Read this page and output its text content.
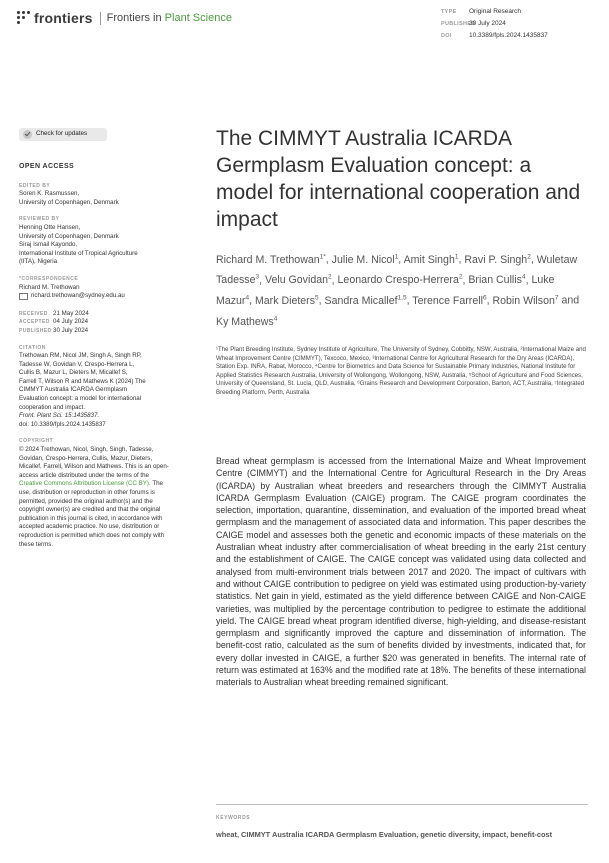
frontiers Frontiers in Plant Science	TYPE Original Research
PUBLISHED30 July 2024
DOI	10.3389/fpls.2024.1435837
Check for updates
OPEN ACCESS
EDITED BY
Soren K. Rasmussen,
University of Copenhagen, Denmark
REVIEWED BY
Henning Otte Hansen,
University of Copenhagen, Denmark
Siraj Ismail Kayondo,
International Institute of Tropical Agriculture
(IITA), Nigeria
*CORRESPONDENCE
Richard M. Trethowan
richard.trethowan@sydney.edu.au
RECEIVED 21 May 2024
ACCEPTED 04 July 2024
PUBLISHED 30 July 2024
CITATION
Trethowan RM, Nicol JM, Singh A, Singh RP,
Tadesse W, Govidan V, Crespo-Herrera L,
Cullis B, Mazur L, Dieters M, Micallef S,
Farrell T, Wilson R and Mathews K (2024) The
CIMMYT Australia ICARDA Germplasm
Evaluation concept: a model for international
cooperation and impact.
Front. Plant Sci. 15:1435837.
doi: 10.3389/fpls.2024.1435837
COPYRIGHT
© 2024 Trethowan, Nicol, Singh, Singh, Tadesse, Govidan, Crespo-Herrera, Cullis, Mazur, Dieters, Micallef, Farrell, Wilson and Mathews. This is an open-access article distributed under the terms of the Creative Commons Attribution License (CC BY). The use, distribution or reproduction in other forums is permitted, provided the original author(s) and the copyright owner(s) are credited and that the original publication in this journal is cited, in accordance with accepted academic practice. No use, distribution or reproduction is permitted which does not comply with these terms.
The CIMMYT Australia ICARDA Germplasm Evaluation concept: a model for international cooperation and impact
Richard M. Trethowan$^{1*}$, Julie M. Nicol$^1$, Amit Singh$^1$, Ravi P. Singh$^2$, Wuletaw Tadesse$^3$, Velu Govidan$^2$, Leonardo Crespo-Herrera$^2$, Brian Cullis$^4$, Luke Mazur$^4$, Mark Dieters$^5$, Sandra Micallef$^{1,5}$, Terence Farrell$^6$, Robin Wilson$^7$ and Ky Mathews$^4$
¹The Plant Breeding Institute, Sydney Institute of Agriculture, The University of Sydney, Cobbitty, NSW, Australia, ²International Maize and Wheat Improvement Centre (CIMMYT), Texcoco, Mexico, ³International Centre for Agricultural Research for the Dry Areas (ICARDA), Station Exp. INRA, Rabat, Morocco, ⁴Centre for Biometrics and Data Science for Sustainable Primary Industries, National Institute for Applied Statistics Research Australia, University of Wollongong, Wollongong, NSW, Australia, ⁵School of Agriculture and Food Sciences, University of Queensland, St. Lucia, QLD, Australia, ⁶Grains Research and Development Corporation, Barton, ACT, Australia, ⁷Integrated Breeding Platform, Perth, Australia
Bread wheat germplasm is accessed from the International Maize and Wheat Improvement Centre (CIMMYT) and the International Centre for Agricultural Research in the Dry Areas (ICARDA) by Australian wheat breeders and researchers through the CIMMYT Australia ICARDA Germplasm Evaluation (CAIGE) program. The CAIGE program coordinates the selection, importation, quarantine, dissemination, and evaluation of the imported bread wheat germplasm and the management of associated data and information. This paper describes the CAIGE model and assesses both the genetic and economic impacts of these materials on the Australian wheat industry after commercialisation of wheat breeding in the early 21st century and the establishment of CAIGE. The CAIGE concept was validated using data collected and analysed from multi-environment trials between 2017 and 2020. The impact of cultivars with and without CAIGE contribution to pedigree on yield was estimated using production-by-variety statistics. Net gain in yield, estimated as the yield difference between CAIGE and Non-CAIGE varieties, was multiplied by the percentage contribution to pedigree to estimate the additional yield. The CAIGE bread wheat program identified diverse, high-yielding, and disease-resistant germplasm and significantly improved the capture and dissemination of information. The benefit-cost ratio, calculated as the sum of benefits divided by investments, indicated that, for every dollar invested in CAIGE, a further $20 was generated in benefits. The internal rate of return was estimated at 163% and the modified rate at 18%. The benefits of these international materials to Australian wheat breeding remained significant.
KEYWORDS
wheat, CIMMYT Australia ICARDA Germplasm Evaluation, genetic diversity, impact, benefit-cost
